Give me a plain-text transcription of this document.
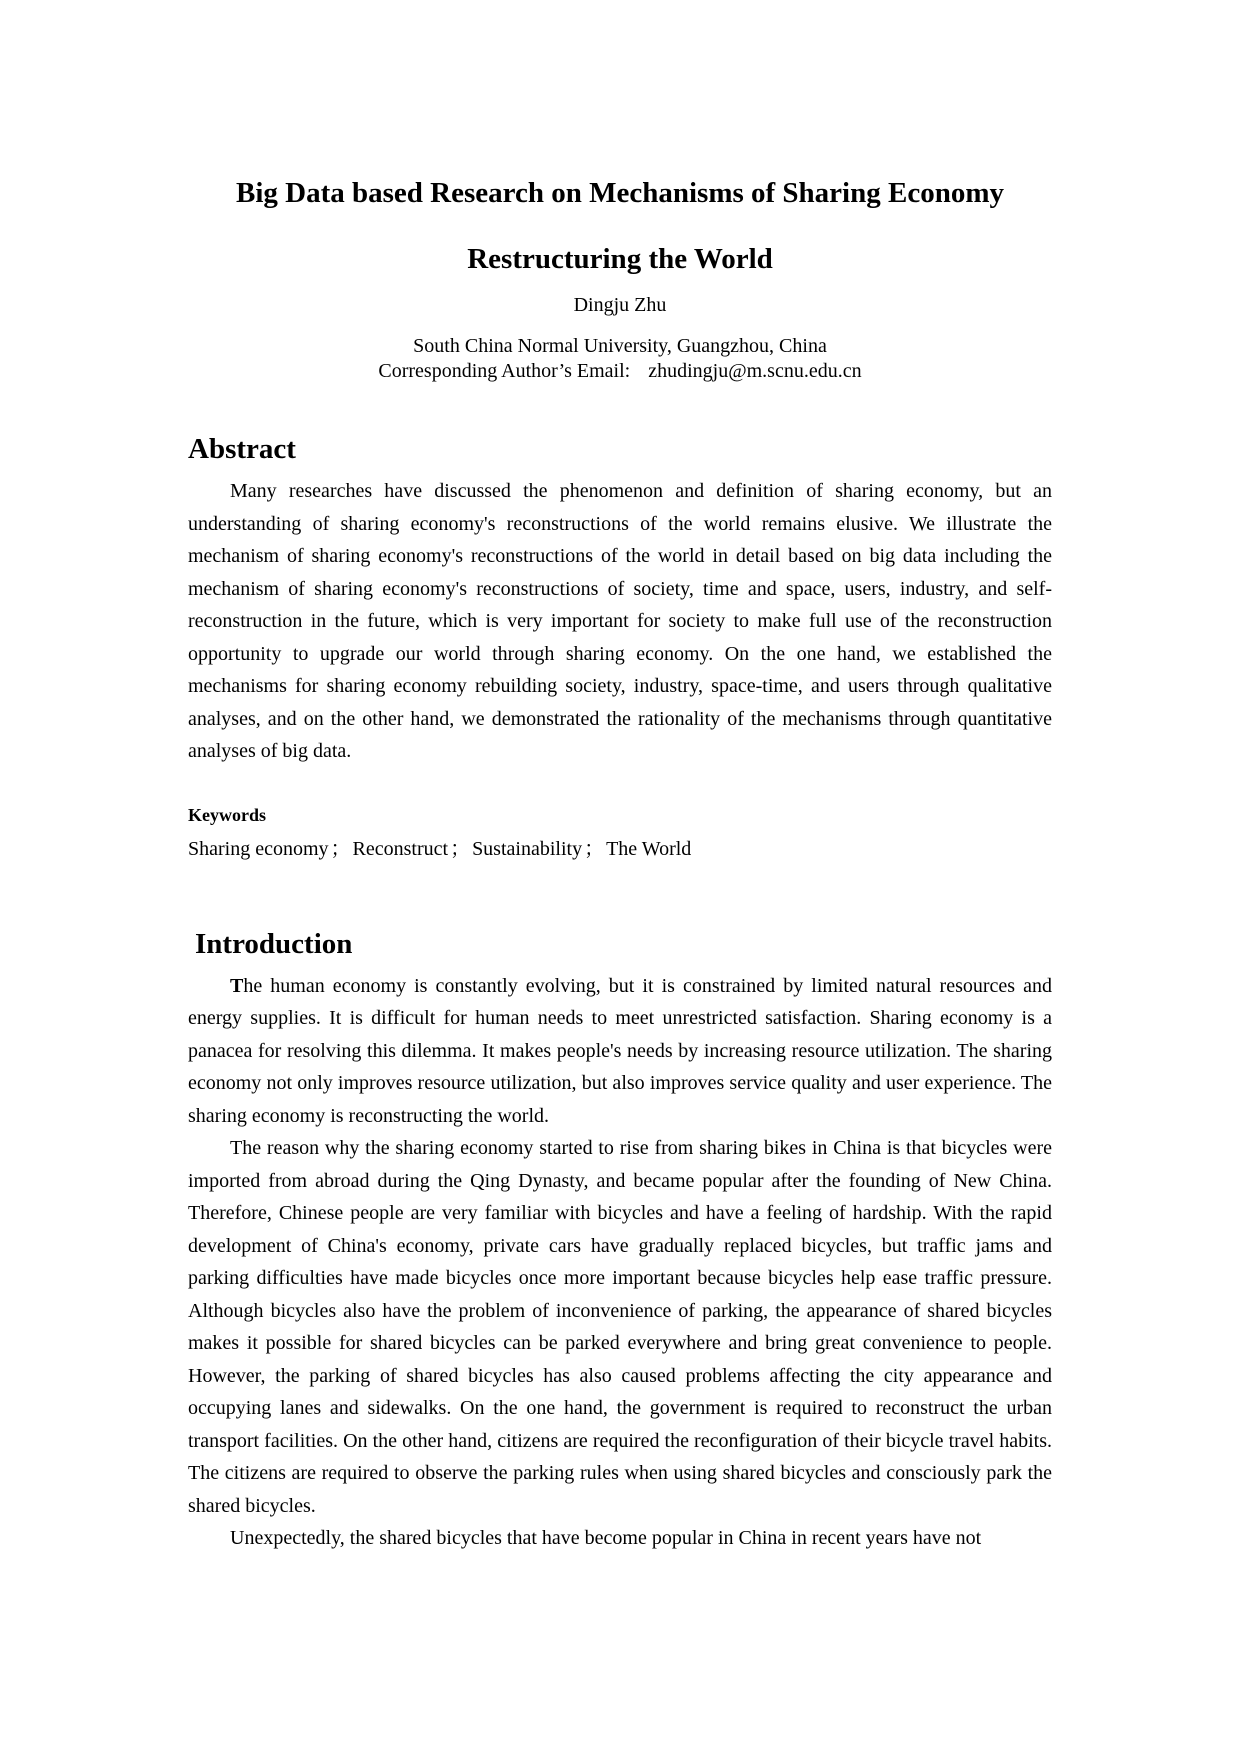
Big Data based Research on Mechanisms of Sharing Economy
Restructuring the World

Dingju Zhu

South China Normal University, Guangzhou, China

Corresponding Author’s Email: zhudingju@m.scnu.edu.cn

Abstract

Many researches have discussed the phenomenon and definition of sharing economy, but an understanding of sharing economy's reconstructions of the world remains elusive. We illustrate the mechanism of sharing economy's reconstructions of the world in detail based on big data including the mechanism of sharing economy's reconstructions of society, time and space, users, industry, and self-reconstruction in the future, which is very important for society to make full use of the reconstruction opportunity to upgrade our world through sharing economy. On the one hand, we established the mechanisms for sharing economy rebuilding society, industry, space-time, and users through qualitative analyses, and on the other hand, we demonstrated the rationality of the mechanisms through quantitative analyses of big data.

Keywords

Sharing economy ； Reconstruct ； Sustainability ； The World

Introduction

The human economy is constantly evolving, but it is constrained by limited natural resources and energy supplies. It is difficult for human needs to meet unrestricted satisfaction. Sharing economy is a panacea for resolving this dilemma. It makes people's needs by increasing resource utilization. The sharing economy not only improves resource utilization, but also improves service quality and user experience. The sharing economy is reconstructing the world.

The reason why the sharing economy started to rise from sharing bikes in China is that bicycles were imported from abroad during the Qing Dynasty, and became popular after the founding of New China. Therefore, Chinese people are very familiar with bicycles and have a feeling of hardship. With the rapid development of China's economy, private cars have gradually replaced bicycles, but traffic jams and parking difficulties have made bicycles once more important because bicycles help ease traffic pressure. Although bicycles also have the problem of inconvenience of parking, the appearance of shared bicycles makes it possible for shared bicycles can be parked everywhere and bring great convenience to people. However, the parking of shared bicycles has also caused problems affecting the city appearance and occupying lanes and sidewalks. On the one hand, the government is required to reconstruct the urban transport facilities. On the other hand, citizens are required the reconfiguration of their bicycle travel habits. The citizens are required to observe the parking rules when using shared bicycles and consciously park the shared bicycles.

Unexpectedly, the shared bicycles that have become popular in China in recent years have not
